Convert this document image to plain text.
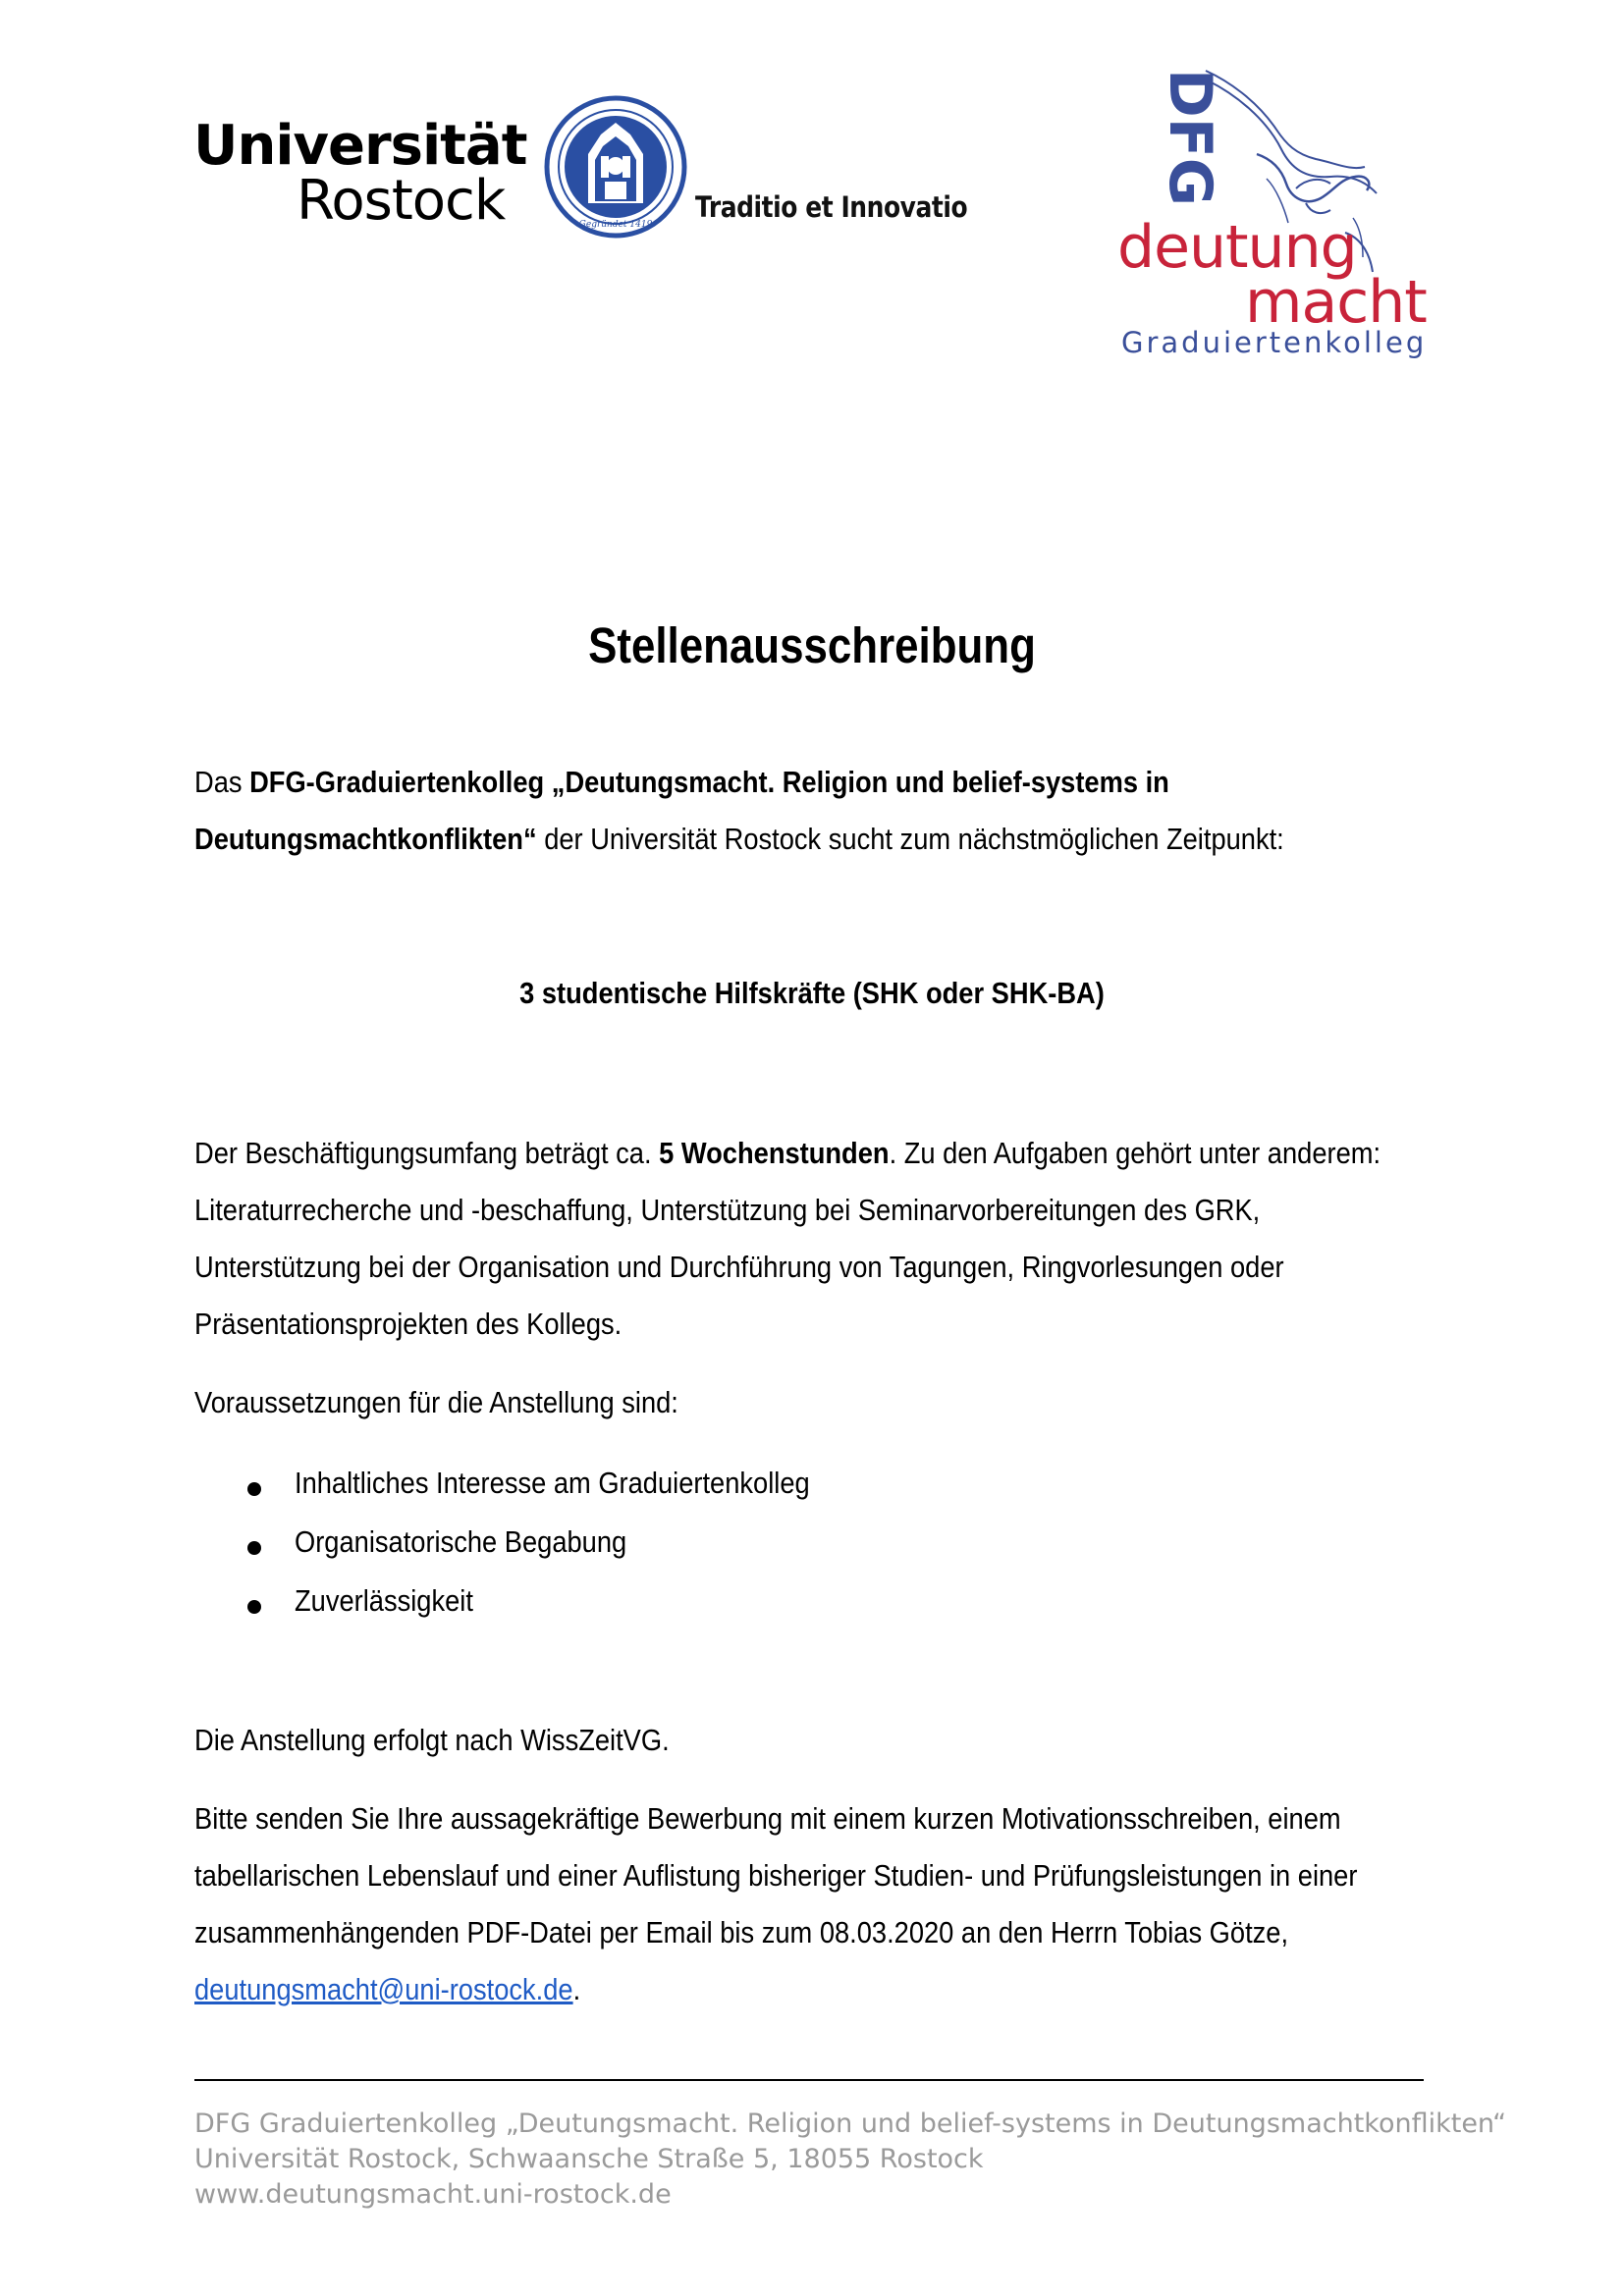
Universität
Rostock	Gegründet 1419
Traditio et Innovatio
DFG
deutung
macht
Graduiertenkolleg
Stellenausschreibung
Das DFG-Graduiertenkolleg „Deutungsmacht. Religion und belief-systems in
Deutungsmachtkonflikten“ der Universität Rostock sucht zum nächstmöglichen Zeitpunkt:
3 studentische Hilfskräfte (SHK oder SHK-BA)
Der Beschäftigungsumfang beträgt ca. 5 Wochenstunden. Zu den Aufgaben gehört unter anderem:
Literaturrecherche und -beschaffung, Unterstützung bei Seminarvorbereitungen des GRK,
Unterstützung bei der Organisation und Durchführung von Tagungen, Ringvorlesungen oder
Präsentationsprojekten des Kollegs.
Voraussetzungen für die Anstellung sind:
Inhaltliches Interesse am Graduiertenkolleg
Organisatorische Begabung
Zuverlässigkeit
Die Anstellung erfolgt nach WissZeitVG.
Bitte senden Sie Ihre aussagekräftige Bewerbung mit einem kurzen Motivationsschreiben, einem
tabellarischen Lebenslauf und einer Auflistung bisheriger Studien- und Prüfungsleistungen in einer
zusammenhängenden PDF-Datei per Email bis zum 08.03.2020 an den Herrn Tobias Götze,
deutungsmacht@uni-rostock.de.
DFG Graduiertenkolleg „Deutungsmacht. Religion und belief-systems in Deutungsmachtkonflikten“
Universität Rostock, Schwaansche Straße 5, 18055 Rostock
www.deutungsmacht.uni-rostock.de
